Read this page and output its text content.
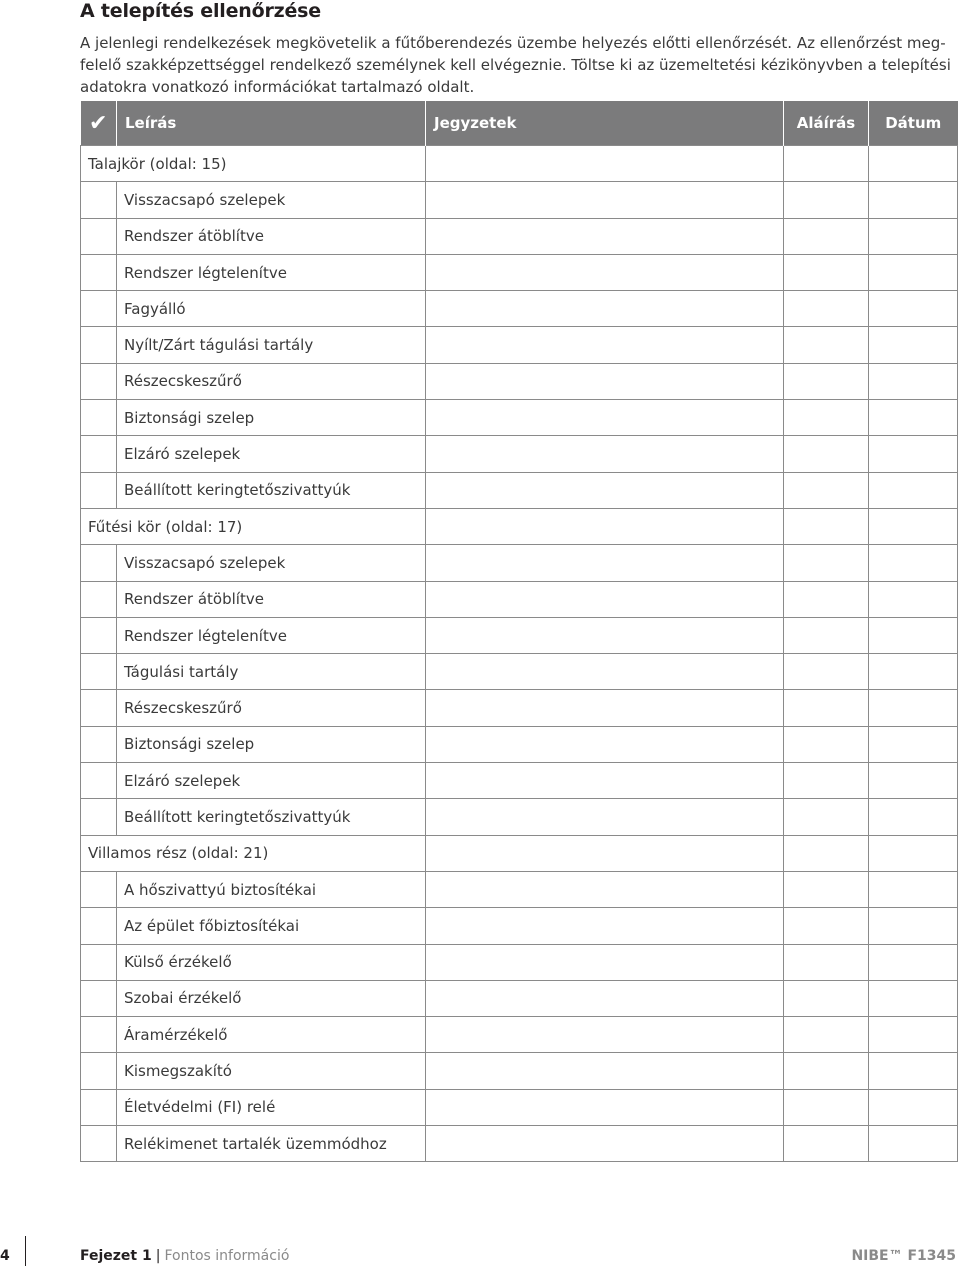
A telepítés ellenőrzése

A jelenlegi rendelkezések megkövetelik a fűtőberendezés üzembe helyezés előtti ellenőrzését. Az ellenőrzést meg-

felelő szakképzettséggel rendelkező személynek kell elvégeznie. Töltse ki az üzemeltetési kézikönyvben a telepítési

adatokra vonatkozó információkat tartalmazó oldalt.

✔	Leírás	Jegyzetek	Aláírás	Dátum
Talajkör (oldal: 15)				
	Visszacsapó szelepek			
	Rendszer átöblítve			
	Rendszer légtelenítve			
	Fagyálló			
	Nyílt/Zárt tágulási tartály			
	Részecskeszűrő			
	Biztonsági szelep			
	Elzáró szelepek			
	Beállított keringtetőszivattyúk			
Fűtési kör (oldal: 17)				
	Visszacsapó szelepek			
	Rendszer átöblítve			
	Rendszer légtelenítve			
	Tágulási tartály			
	Részecskeszűrő			
	Biztonsági szelep			
	Elzáró szelepek			
	Beállított keringtetőszivattyúk			
Villamos rész (oldal: 21)				
	A hőszivattyú biztosítékai			
	Az épület főbiztosítékai			
	Külső érzékelő			
	Szobai érzékelő			
	Áramérzékelő			
	Kismegszakító			
	Életvédelmi (FI) relé			
	Relékimenet tartalék üzemmódhoz			
4	Fejezet 1 | Fontos információ	NIBE™ F1345
